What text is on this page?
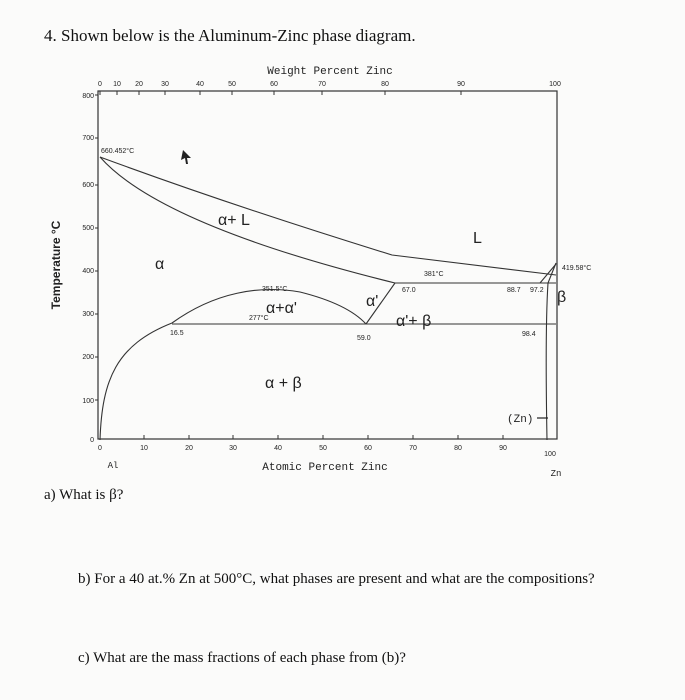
4. Shown below is the Aluminum-Zinc phase diagram.
Weight Percent Zinc
0 10 20	30	40	50	60	70	80	90	100
Temperature °C
800
700
600
500
400
300
200
100
0
0	10	20	30	40	50	60	70	80	90
100
Atomic Percent Zinc
Al
Zn
660.452°C
419.58°C
381°C
67.0	88.7 97.2
351.5°C
277°C
16.5
59.0
98.4
(Zn)
α+ L
L
α
α+α'	α'
α'+ β
α + β
β
a) What is β?
b) For a 40 at.% Zn at 500°C, what phases are present and what are the compositions?
c) What are the mass fractions of each phase from (b)?
